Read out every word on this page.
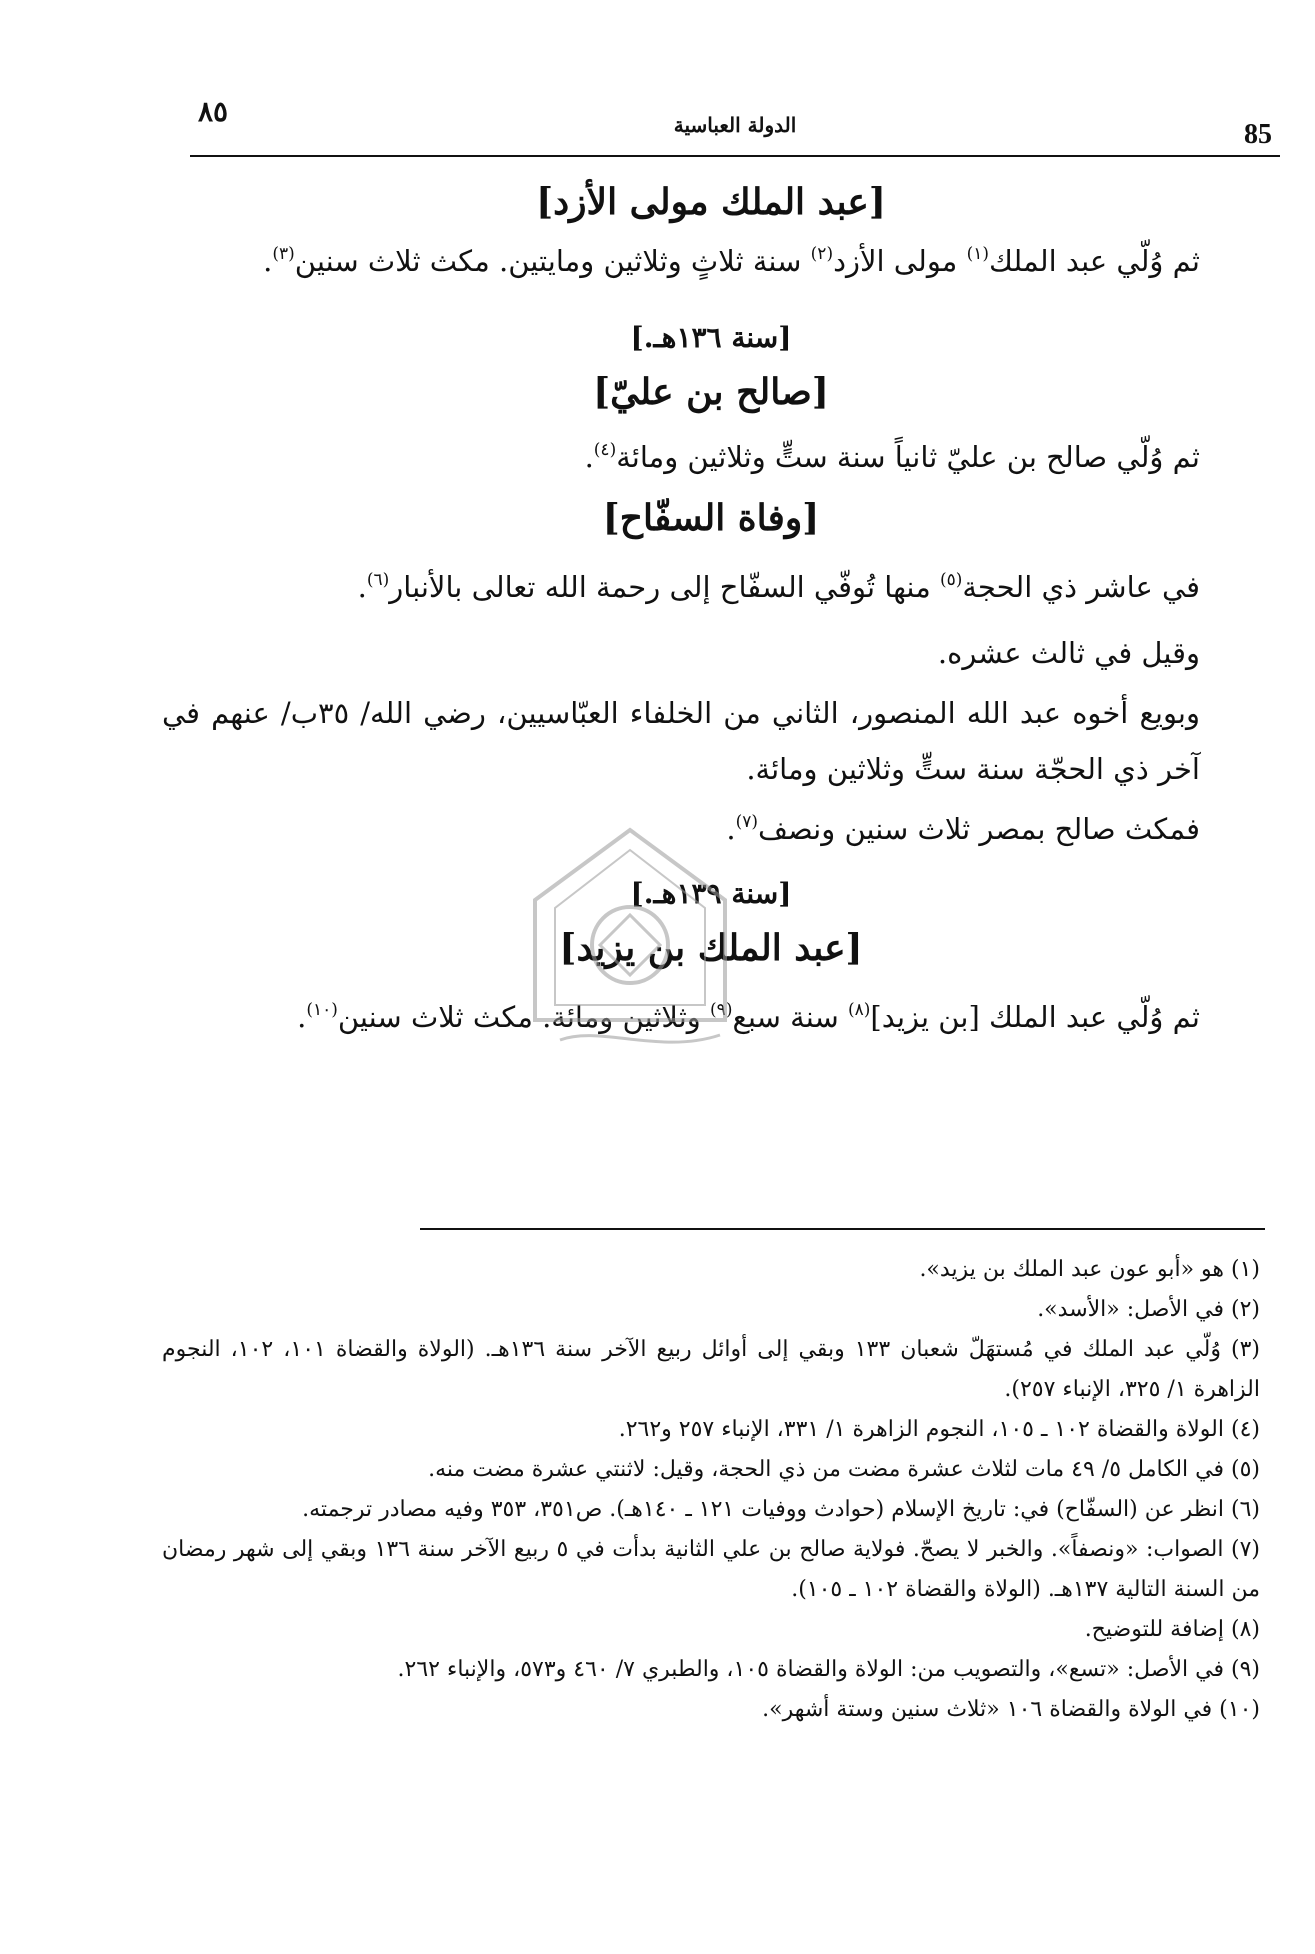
٨٥	الدولة العباسية	85

[عبد الملك مولى الأزد]

ثم وُلّي عبد الملك$^{(١)}$ مولى الأزد$^{(٢)}$ سنة ثلاثٍ وثلاثين ومايتين. مكث ثلاث سنين$^{(٣)}$.

[سنة ١٣٦هـ.]

[صالح بن عليّ]

ثم وُلّي صالح بن عليّ ثانياً سنة ستٍّ وثلاثين ومائة$^{(٤)}$.

[وفاة السفّاح]

في عاشر ذي الحجة$^{(٥)}$ منها تُوفّي السفّاح إلى رحمة الله تعالى بالأنبار$^{(٦)}$.

وقيل في ثالث عشره.

وبويع أخوه عبد الله المنصور، الثاني من الخلفاء العبّاسيين، رضي الله/ ٣٥ب/ عنهم في آخر ذي الحجّة سنة ستٍّ وثلاثين ومائة.

فمكث صالح بمصر ثلاث سنين ونصف$^{(٧)}$.

[سنة ١٣٩هـ.]

[عبد الملك بن يزيد]

ثم وُلّي عبد الملك [بن يزيد]$^{(٨)}$ سنة سبع$^{(٩)}$ وثلاثين ومائة. مكث ثلاث سنين$^{(١٠)}$.

(١) هو «أبو عون عبد الملك بن يزيد».

(٢) في الأصل: «الأسد».

(٣) وُلّي عبد الملك في مُستهَلّ شعبان ١٣٣ وبقي إلى أوائل ربيع الآخر سنة ١٣٦هـ. (الولاة والقضاة ١٠١، ١٠٢، النجوم الزاهرة ١/ ٣٢٥، الإنباء ٢٥٧).

(٤) الولاة والقضاة ١٠٢ ـ ١٠٥، النجوم الزاهرة ١/ ٣٣١، الإنباء ٢٥٧ و٢٦٢.

(٥) في الكامل ٥/ ٤٩ مات لثلاث عشرة مضت من ذي الحجة، وقيل: لاثنتي عشرة مضت منه.

(٦) انظر عن (السفّاح) في: تاريخ الإسلام (حوادث ووفيات ١٢١ ـ ١٤٠هـ). ص٣٥١، ٣٥٣ وفيه مصادر ترجمته.

(٧) الصواب: «ونصفاً». والخبر لا يصحّ. فولاية صالح بن علي الثانية بدأت في ٥ ربيع الآخر سنة ١٣٦ وبقي إلى شهر رمضان من السنة التالية ١٣٧هـ. (الولاة والقضاة ١٠٢ ـ ١٠٥).

(٨) إضافة للتوضيح.

(٩) في الأصل: «تسع»، والتصويب من: الولاة والقضاة ١٠٥، والطبري ٧/ ٤٦٠ و٥٧٣، والإنباء ٢٦٢.

(١٠) في الولاة والقضاة ١٠٦ «ثلاث سنين وستة أشهر».
